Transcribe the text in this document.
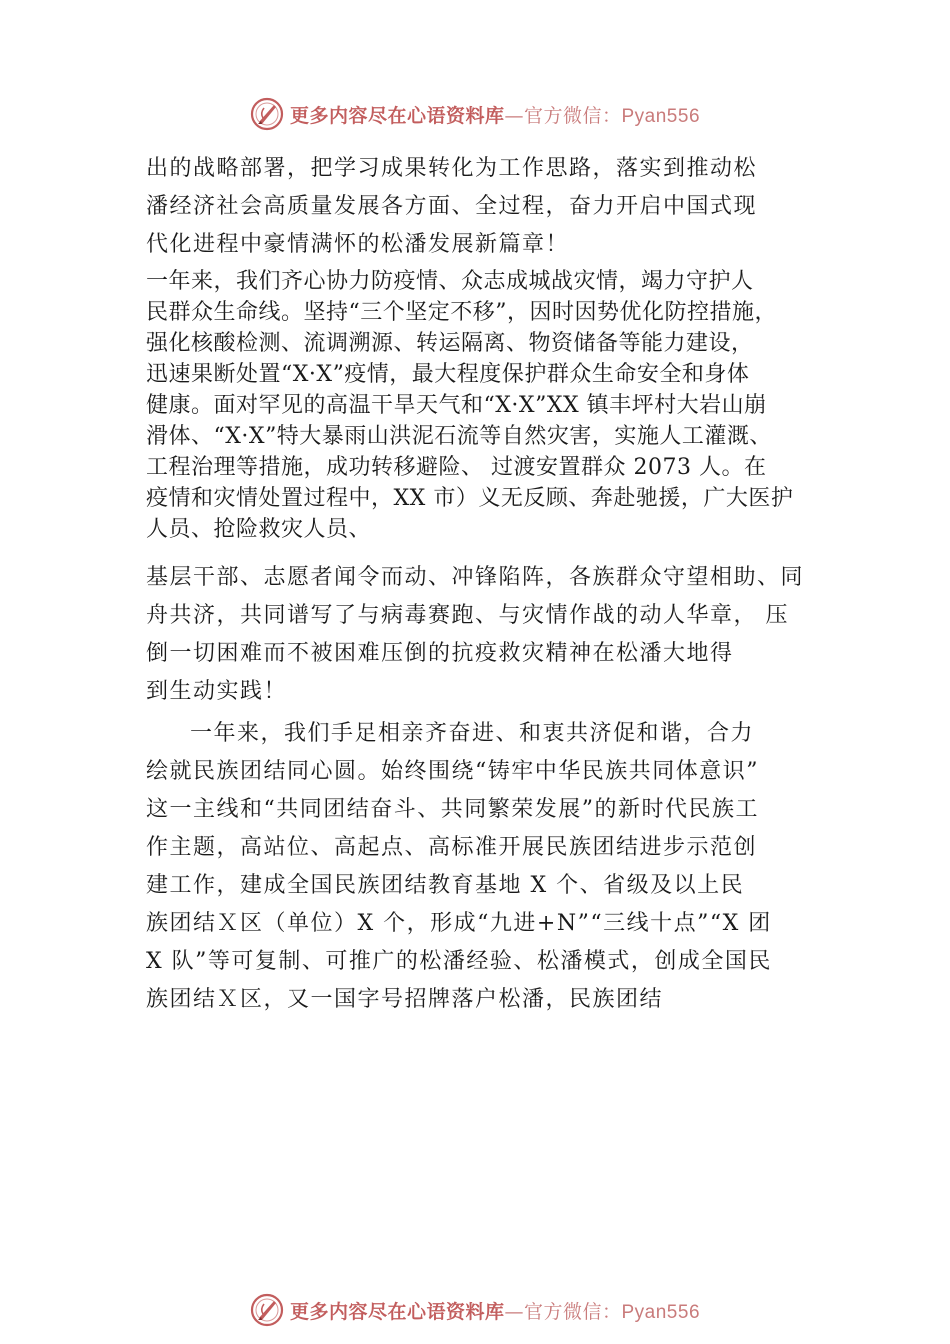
更多内容尽在心语资料库—官方微信：Pyan556
出的战略部署，把学习成果转化为工作思路，落实到推动松
潘经济社会高质量发展各方面、全过程，奋力开启中国式现
代化进程中豪情满怀的松潘发展新篇章！
一年来，我们齐心协力防疫情、众志成城战灾情，竭力守护人
民群众生命线。坚持“三个坚定不移”，因时因势优化防控措施，
强化核酸检测、流调溯源、转运隔离、物资储备等能力建设，
迅速果断处置“X·X”疫情，最大程度保护群众生命安全和身体
健康。面对罕见的高温干旱天气和“X·X”XX 镇丰坪村大岩山崩
滑体、“X·X”特大暴雨山洪泥石流等自然灾害，实施人工灌溉、
工程治理等措施，成功转移避险、 过渡安置群众 2073 人。在
疫情和灾情处置过程中，XX 市）义无反顾、奔赴驰援，广大医护
人员、抢险救灾人员、
基层干部、志愿者闻令而动、冲锋陷阵，各族群众守望相助、同
舟共济，共同谱写了与病毒赛跑、与灾情作战的动人华章， 压
倒一切困难而不被困难压倒的抗疫救灾精神在松潘大地得
到生动实践！
一年来，我们手足相亲齐奋进、和衷共济促和谐，合力
绘就民族团结同心圆。始终围绕“铸牢中华民族共同体意识”
这一主线和“共同团结奋斗、共同繁荣发展”的新时代民族工
作主题，高站位、高起点、高标准开展民族团结进步示范创
建工作，建成全国民族团结教育基地 X 个、省级及以上民
族团结Ｘ区（单位）X 个，形成“九进+N”“三线十点”“X 团
X 队”等可复制、可推广的松潘经验、松潘模式，创成全国民
族团结Ｘ区，又一国字号招牌落户松潘，民族团结
更多内容尽在心语资料库—官方微信：Pyan556
